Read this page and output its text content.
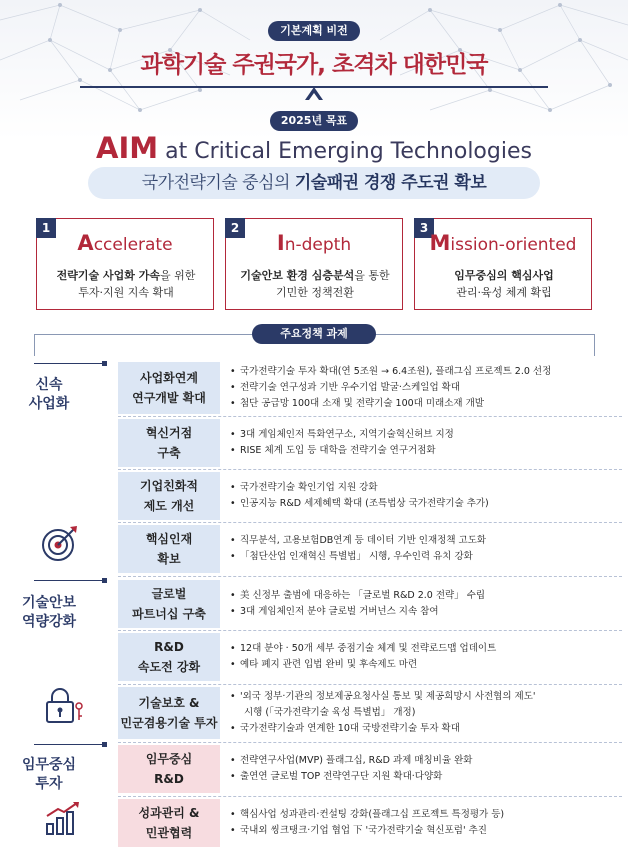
기본계획 비전
과학기술 주권국가, 초격차 대한민국
2025년 목표
AIM at Critical Emerging Technologies
국가전략기술 중심의 기술패권 경쟁 주도권 확보
1
Accelerate
전략기술 사업화 가속을 위한
투자·지원 지속 확대
2
In-depth
기술안보 환경 심층분석을 통한
기민한 정책전환
3
Mission-oriented
임무중심의 핵심사업
관리·육성 체계 확립
주요정책 과제
신속
사업화
기술안보
역량강화
임무중심
투자
사업화연계
연구개발 확대
• 국가전략기술 투자 확대(연 5조원 → 6.4조원), 플래그십 프로젝트 2.0 선정
• 전략기술 연구성과 기반 우수기업 발굴·스케일업 확대
• 첨단 공급망 100대 소재 및 전략기술 100대 미래소재 개발
혁신거점
구축
• 3대 게임체인저 특화연구소, 지역기술혁신허브 지정
• RISE 체계 도입 등 대학을 전략기술 연구거점화
기업친화적
제도 개선
• 국가전략기술 확인기업 지원 강화
• 인공지능 R&D 세제혜택 확대 (조특법상 국가전략기술 추가)
핵심인재
확보
• 직무분석, 고용보험DB연계 등 데이터 기반 인재정책 고도화
• 「첨단산업 인재혁신 특별법」 시행, 우수인력 유치 강화
글로벌
파트너십 구축
• 美 신정부 출범에 대응하는 「글로벌 R&D 2.0 전략」 수립
• 3대 게임체인저 분야 글로벌 거버넌스 지속 참여
R&D
속도전 강화
• 12대 분야 · 50개 세부 중점기술 체계 및 전략로드맵 업데이트
• 예타 폐지 관련 입법 완비 및 후속제도 마련
기술보호 &
민군겸용기술 투자
• '외국 정부·기관의 정보제공요청사실 통보 및 제공희망시 사전협의 제도'
시행 (「국가전략기술 육성 특별법」 개정)
• 국가전략기술과 연계한 10대 국방전략기술 투자 확대
임무중심
R&D
• 전략연구사업(MVP) 플래그십, R&D 과제 매칭비율 완화
• 출연연 글로벌 TOP 전략연구단 지원 확대·다양화
성과관리 &
민관협력
• 핵심사업 성과관리·컨설팅 강화(플래그십 프로젝트 특정평가 등)
• 국내외 씽크탱크·기업 협업 下 '국가전략기술 혁신포럼' 추진
